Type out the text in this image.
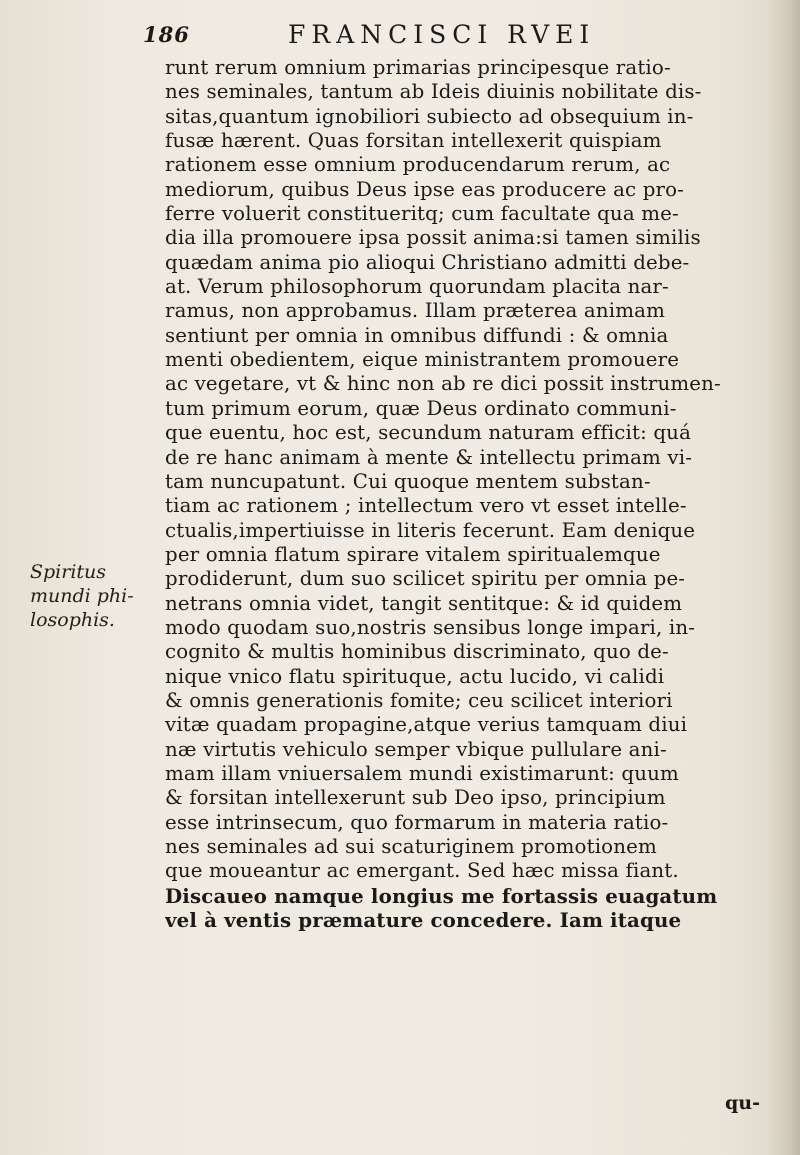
186	FRANCISCI RVEI
Spiritus
mundi phi-
losophis.
runt rerum omnium primarias principesque ratio-
nes seminales, tantum ab Ideis diuinis nobilitate dis-
sitas,quantum ignobiliori subiecto ad obsequium in-
fusæ hærent. Quas forsitan intellexerit quispiam
rationem esse omnium producendarum rerum, ac
mediorum, quibus Deus ipse eas producere ac pro-
ferre voluerit constitueritq; cum facultate qua me-
dia illa promouere ipsa possit anima:si tamen similis
quædam anima pio alioqui Christiano admitti debe-
at. Verum philosophorum quorundam placita nar-
ramus, non approbamus. Illam præterea animam
sentiunt per omnia in omnibus diffundi : & omnia
menti obedientem, eique ministrantem promouere
ac vegetare, vt & hinc non ab re dici possit instrumen-
tum primum eorum, quæ Deus ordinato communi-
que euentu, hoc est, secundum naturam efficit: quá
de re hanc animam à mente & intellectu primam vi-
tam nuncupatunt. Cui quoque mentem substan-
tiam ac rationem ; intellectum vero vt esset intelle-
ctualis,impertiuisse in literis fecerunt. Eam denique
per omnia flatum spirare vitalem spiritualemque
prodiderunt, dum suo scilicet spiritu per omnia pe-
netrans omnia videt, tangit sentitque: & id quidem
modo quodam suo,nostris sensibus longe impari, in-
cognito & multis hominibus discriminato, quo de-
nique vnico flatu spirituque, actu lucido, vi calidi
& omnis generationis fomite; ceu scilicet interiori
vitæ quadam propagine,atque verius tamquam diui
næ virtutis vehiculo semper vbique pullulare ani-
mam illam vniuersalem mundi existimarunt: quum
& forsitan intellexerunt sub Deo ipso, principium
esse intrinsecum, quo formarum in materia ratio-
nes seminales ad sui scaturiginem promotionem
que moueantur ac emergant. Sed hæc missa fiant.
Discaueo namque longius me fortassis euagatum
vel à ventis præmature concedere. Iam itaque
qu-
